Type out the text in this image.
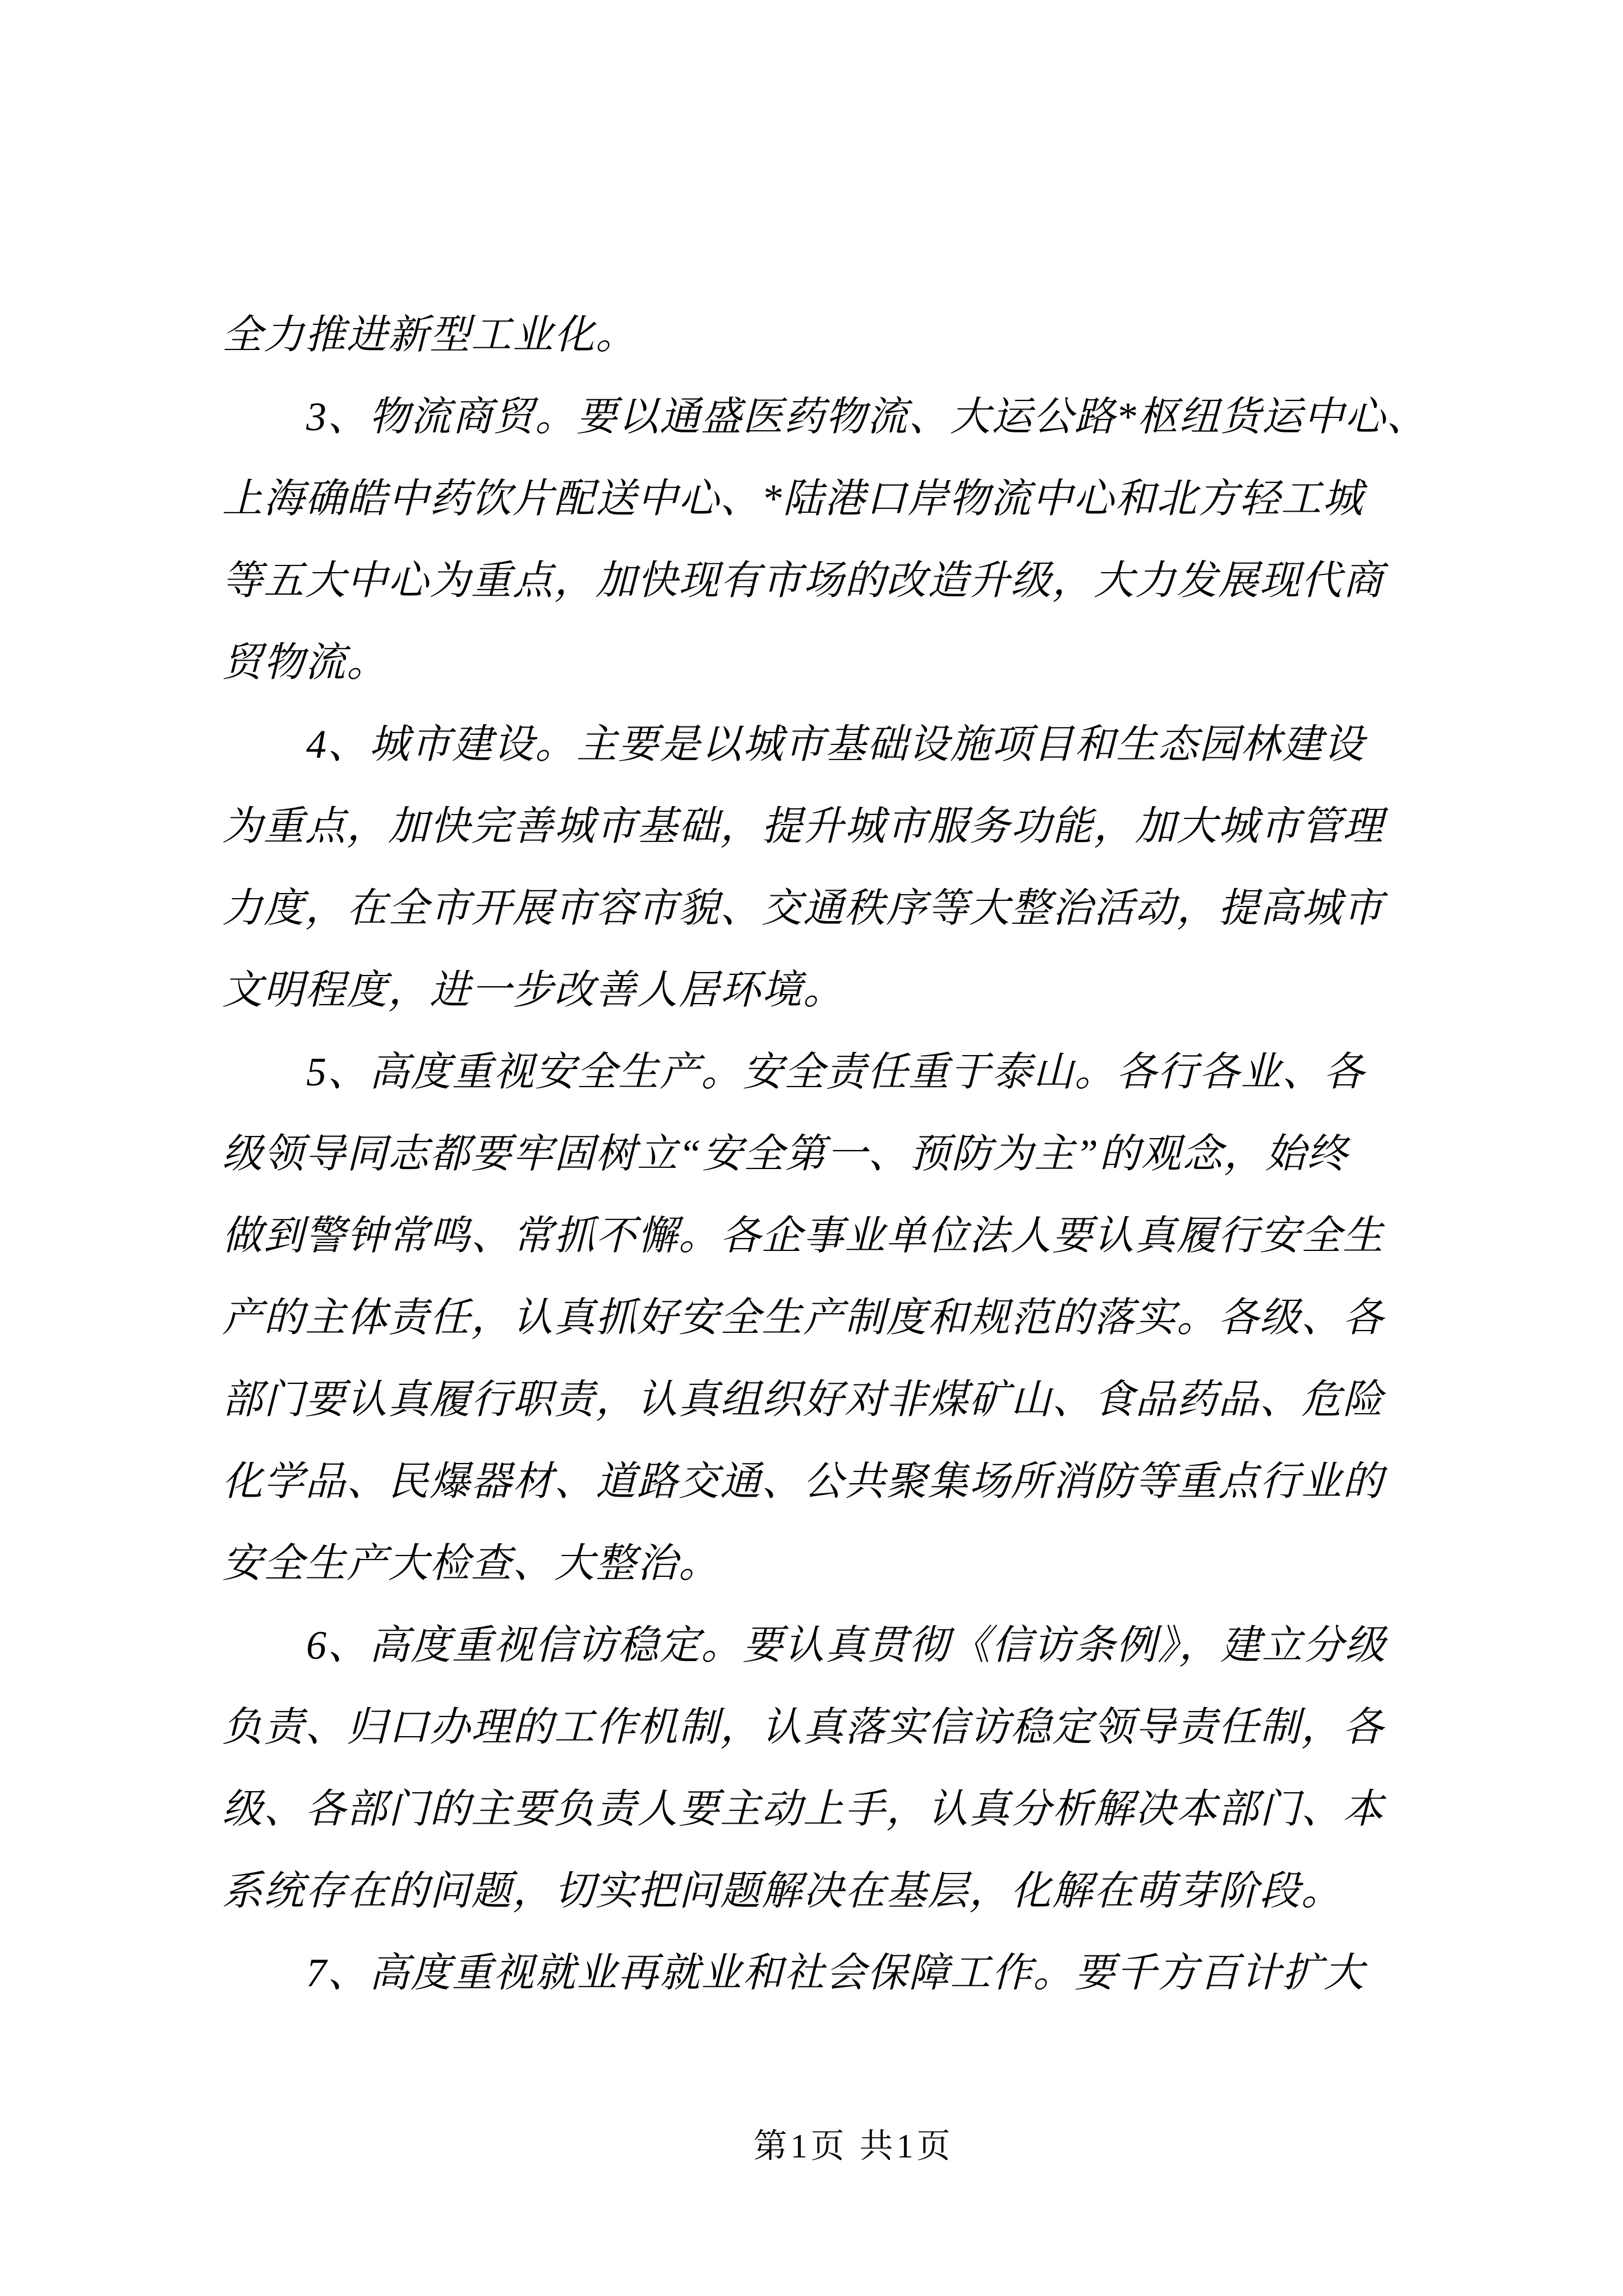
全力推进新型工业化。
3、物流商贸。要以通盛医药物流、大运公路*枢纽货运中心、
上海确皓中药饮片配送中心、*陆港口岸物流中心和北方轻工城
等五大中心为重点，加快现有市场的改造升级，大力发展现代商
贸物流。
4、城市建设。主要是以城市基础设施项目和生态园林建设
为重点，加快完善城市基础，提升城市服务功能，加大城市管理
力度，在全市开展市容市貌、交通秩序等大整治活动，提高城市
文明程度，进一步改善人居环境。
5、高度重视安全生产。安全责任重于泰山。各行各业、各
级领导同志都要牢固树立“安全第一、预防为主”的观念，始终
做到警钟常鸣、常抓不懈。各企事业单位法人要认真履行安全生
产的主体责任，认真抓好安全生产制度和规范的落实。各级、各
部门要认真履行职责，认真组织好对非煤矿山、食品药品、危险
化学品、民爆器材、道路交通、公共聚集场所消防等重点行业的
安全生产大检查、大整治。
6、高度重视信访稳定。要认真贯彻《信访条例》，建立分级
负责、归口办理的工作机制，认真落实信访稳定领导责任制，各
级、各部门的主要负责人要主动上手，认真分析解决本部门、本
系统存在的问题，切实把问题解决在基层，化解在萌芽阶段。
7、高度重视就业再就业和社会保障工作。要千方百计扩大
第1页 共1页
